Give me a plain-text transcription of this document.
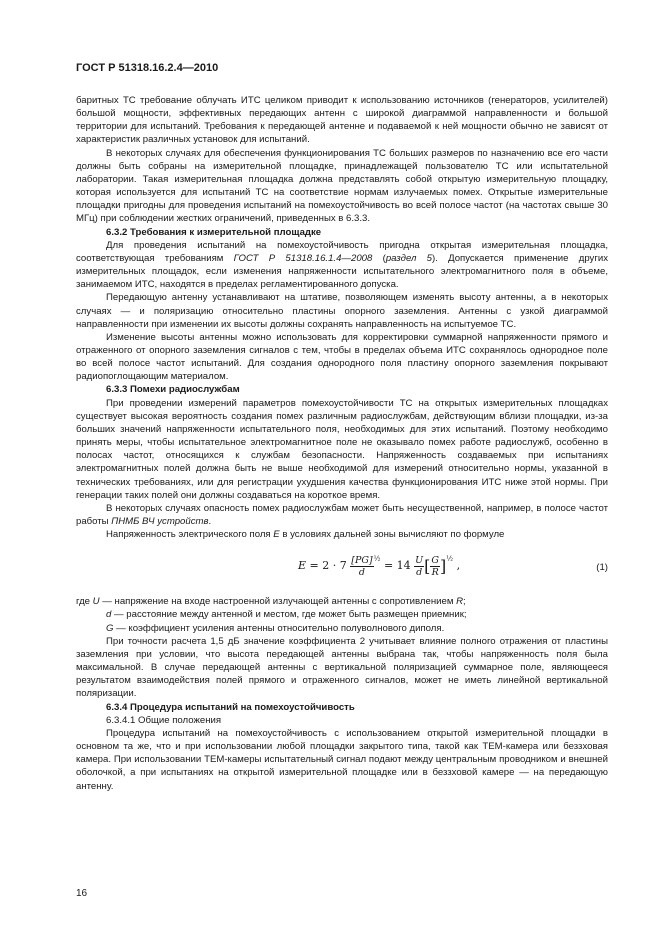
ГОСТ Р 51318.16.2.4—2010

баритных ТС требование облучать ИТС целиком приводит к использованию источников (генераторов, усилителей) большой мощности, эффективных передающих антенн с широкой диаграммой направленности и большой территории для испытаний. Требования к передающей антенне и подаваемой к ней мощности обычно не зависят от характеристик различных установок для испытаний.

В некоторых случаях для обеспечения функционирования ТС больших размеров по назначению все его части должны быть собраны на измерительной площадке, принадлежащей пользователю ТС или испытательной лаборатории. Такая измерительная площадка должна представлять собой открытую измерительную площадку, которая используется для испытаний ТС на соответствие нормам излучаемых помех. Открытые измерительные площадки пригодны для проведения испытаний на помехоустойчивость во всей полосе частот (на частотах свыше 30 МГц) при соблюдении жестких ограничений, приведенных в 6.3.3.

6.3.2 Требования к измерительной площадке

Для проведения испытаний на помехоустойчивость пригодна открытая измерительная площадка, соответствующая требованиям ГОСТ Р 51318.16.1.4—2008 (раздел 5). Допускается применение других измерительных площадок, если изменения напряженности испытательного электромагнитного поля в объеме, занимаемом ИТС, находятся в пределах регламентированного допуска.

Передающую антенну устанавливают на штативе, позволяющем изменять высоту антенны, а в некоторых случаях — и поляризацию относительно пластины опорного заземления. Антенны с узкой диаграммой направленности при изменении их высоты должны сохранять направленность на испытуемое ТС.

Изменение высоты антенны можно использовать для корректировки суммарной напряженности прямого и отраженного от опорного заземления сигналов с тем, чтобы в пределах объема ИТС сохранялось однородное поле во всей полосе частот испытаний. Для создания однородного поля пластину опорного заземления покрывают радиопоглощающим материалом.

6.3.3 Помехи радиослужбам

При проведении измерений параметров помехоустойчивости ТС на открытых измерительных площадках существует высокая вероятность создания помех различным радиослужбам, действующим вблизи площадки, из-за больших значений напряженности испытательного поля, необходимых для этих испытаний. Поэтому необходимо принять меры, чтобы испытательное электромагнитное поле не оказывало помех работе радиослужб, особенно в полосах частот, относящихся к службам безопасности. Напряженность создаваемых при испытаниях электромагнитных полей должна быть не выше необходимой для измерений относительно нормы, указанной в технических требованиях, или для регистрации ухудшения качества функционирования ИТС ниже этой нормы. При генерации таких полей они должны создаваться на короткое время.

В некоторых случаях опасность помех радиослужбам может быть несущественной, например, в полосе частот работы ПНМБ ВЧ устройств.

Напряженность электрического поля E в условиях дальней зоны вычисляют по формуле

$E = 2 \cdot 7 \frac{[PG]}{d} ^{\frac{1}{2}} = 14 \frac{U}{d}$ [ $\frac{G}{R} ]^{\frac{1}{2}}$ ,	(1)

где U — напряжение на входе настроенной излучающей антенны с сопротивлением R;

d — расстояние между антенной и местом, где может быть размещен приемник;

G — коэффициент усиления антенны относительно полуволнового диполя.

При точности расчета 1,5 дБ значение коэффициента 2 учитывает влияние полного отражения от пластины заземления при условии, что высота передающей антенны выбрана так, чтобы напряженность поля была максимальной. В случае передающей антенны с вертикальной поляризацией суммарное поле, являющееся результатом взаимодействия полей прямого и отраженного сигналов, может не иметь линейной вертикальной поляризации.

6.3.4 Процедура испытаний на помехоустойчивость

6.3.4.1 Общие положения

Процедура испытаний на помехоустойчивость с использованием открытой измерительной площадки в основном та же, что и при использовании любой площадки закрытого типа, такой как ТЕМ-камера или беззховая камера. При использовании ТЕМ-камеры испытательный сигнал подают между центральным проводником и внешней оболочкой, а при испытаниях на открытой измерительной площадке или в беззховой камере — на передающую антенну.

16
